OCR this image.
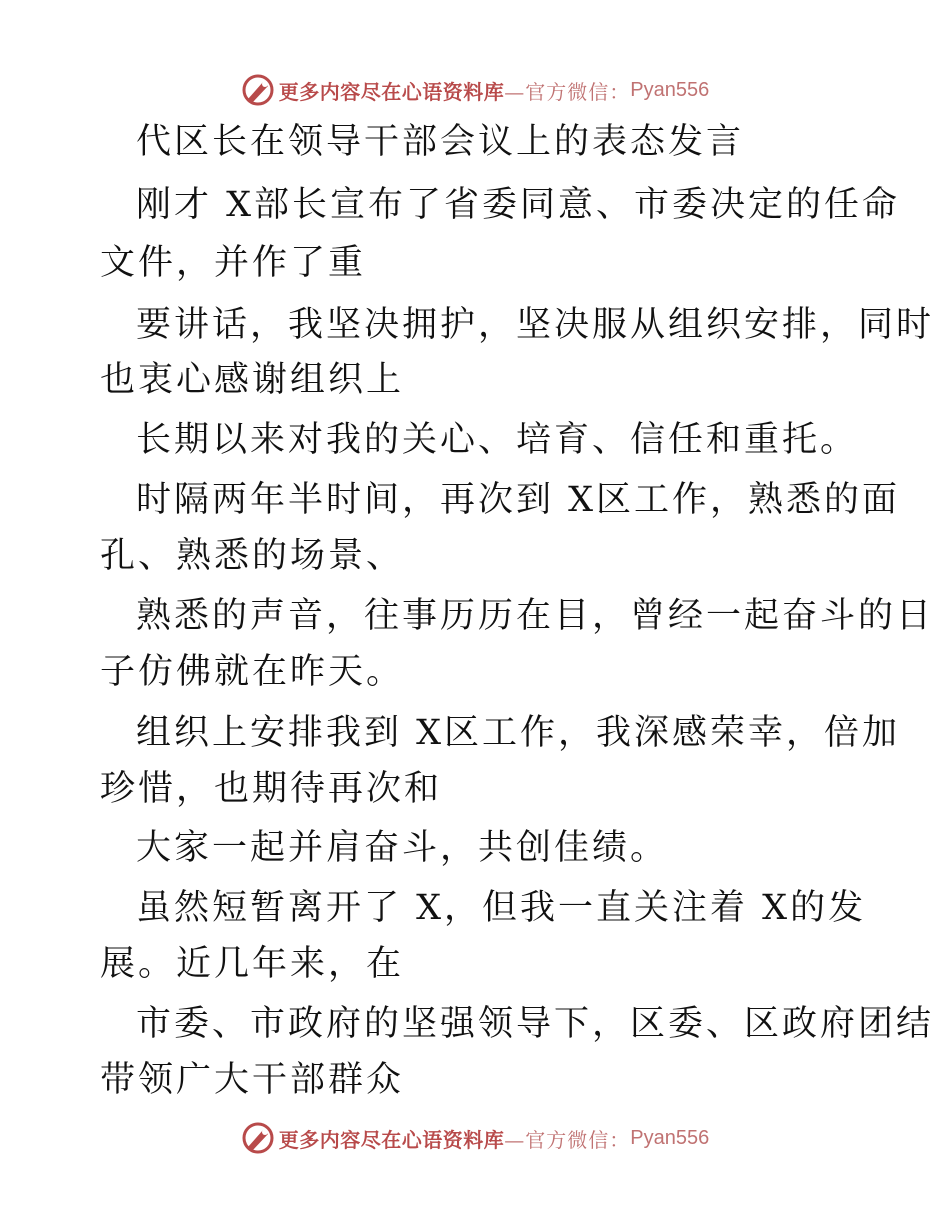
更多内容尽在心语资料库 —官方微信： Pyan556
代区长在领导干部会议上的表态发言
刚才 X部长宣布了省委同意、市委决定的任命
文件，并作了重
要讲话，我坚决拥护，坚决服从组织安排，同时
也衷心感谢组织上
长期以来对我的关心、培育、信任和重托。
时隔两年半时间，再次到 X区工作，熟悉的面
孔、熟悉的场景、
熟悉的声音，往事历历在目，曾经一起奋斗的日
子仿佛就在昨天。
组织上安排我到 X区工作，我深感荣幸，倍加
珍惜，也期待再次和
大家一起并肩奋斗，共创佳绩。
虽然短暂离开了 X，但我一直关注着 X的发
展。近几年来，在
市委、市政府的坚强领导下，区委、区政府团结
带领广大干部群众
更多内容尽在心语资料库 —官方微信： Pyan556
